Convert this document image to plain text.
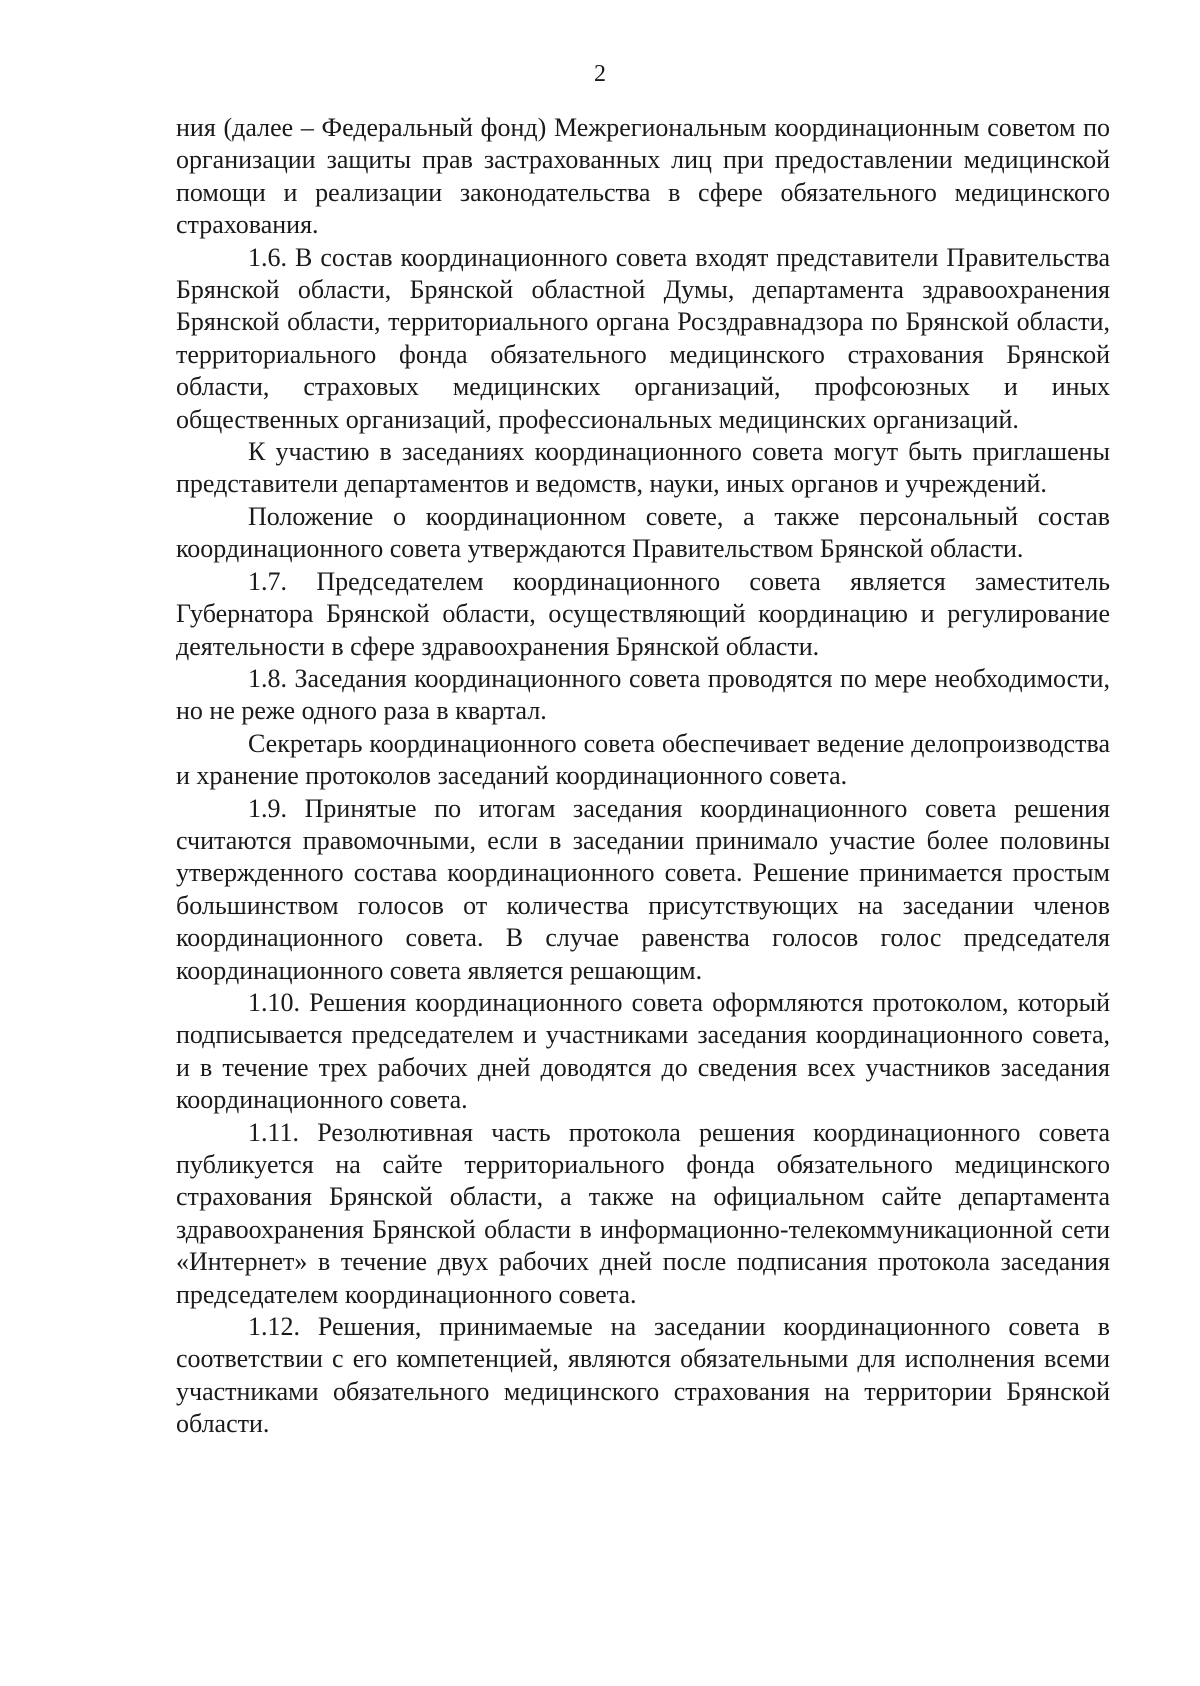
2

ния (далее – Федеральный фонд) Межрегиональным координационным советом по организации защиты прав застрахованных лиц при предоставлении медицинской помощи и реализации законодательства в сфере обязательного медицинского страхования.

1.6. В состав координационного совета входят представители Правительства Брянской области, Брянской областной Думы, департамента здравоохранения Брянской области, территориального органа Росздравнадзора по Брянской области, территориального фонда обязательного медицинского страхования Брянской области, страховых медицинских организаций, профсоюзных и иных общественных организаций, профессиональных медицинских организаций.

К участию в заседаниях координационного совета могут быть приглашены представители департаментов и ведомств, науки, иных органов и учреждений.

Положение о координационном совете, а также персональный состав координационного совета утверждаются Правительством Брянской области.

1.7. Председателем координационного совета является заместитель Губернатора Брянской области, осуществляющий координацию и регулирование деятельности в сфере здравоохранения Брянской области.

1.8. Заседания координационного совета проводятся по мере необходимости, но не реже одного раза в квартал.

Секретарь координационного совета обеспечивает ведение делопроизводства и хранение протоколов заседаний координационного совета.

1.9. Принятые по итогам заседания координационного совета решения считаются правомочными, если в заседании принимало участие более половины утвержденного состава координационного совета. Решение принимается простым большинством голосов от количества присутствующих на заседании членов координационного совета. В случае равенства голосов голос председателя координационного совета является решающим.

1.10. Решения координационного совета оформляются протоколом, который подписывается председателем и участниками заседания координационного совета, и в течение трех рабочих дней доводятся до сведения всех участников заседания координационного совета.

1.11. Резолютивная часть протокола решения координационного совета публикуется на сайте территориального фонда обязательного медицинского страхования Брянской области, а также на официальном сайте департамента здравоохранения Брянской области в информационно-телекоммуникационной сети «Интернет» в течение двух рабочих дней после подписания протокола заседания председателем координационного совета.

1.12. Решения, принимаемые на заседании координационного совета в соответствии с его компетенцией, являются обязательными для исполнения всеми участниками обязательного медицинского страхования на территории Брянской области.
